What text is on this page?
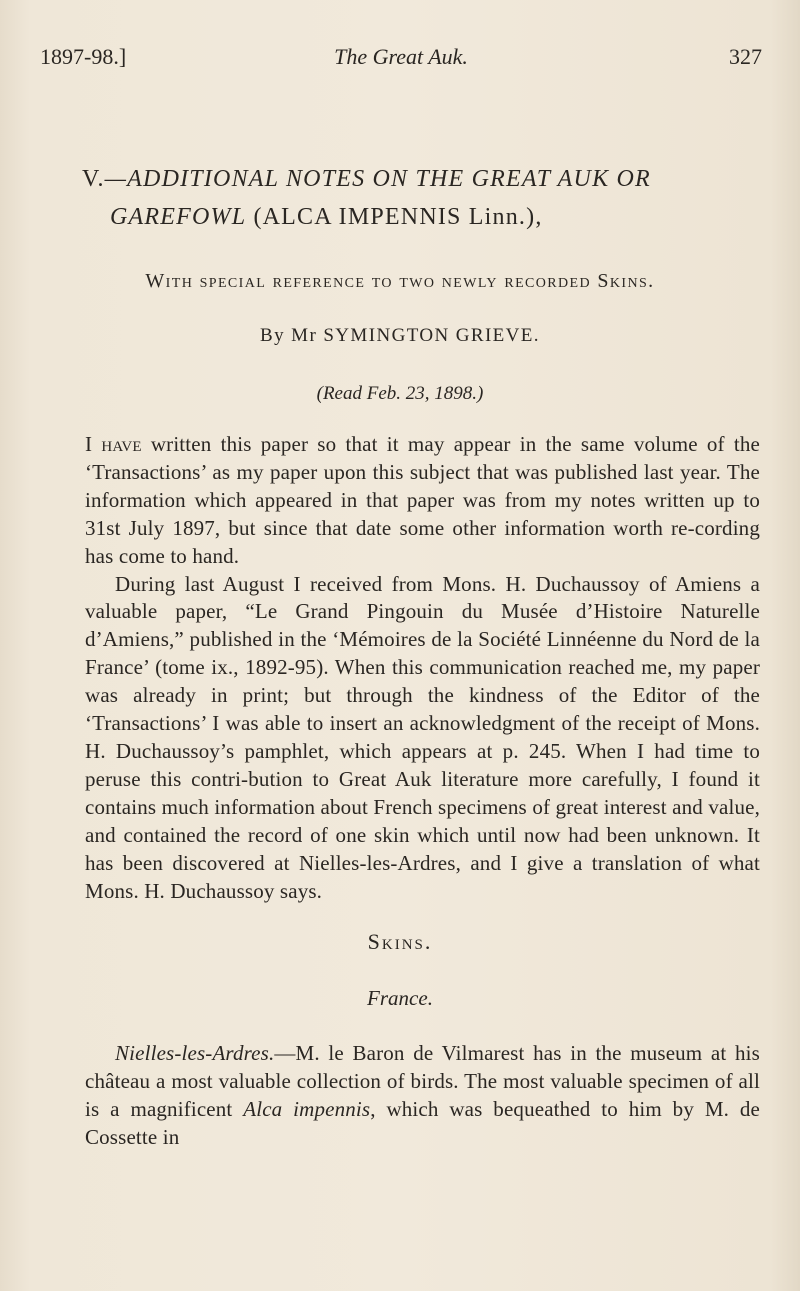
1897-98.]	The Great Auk.	327
V.—ADDITIONAL NOTES ON THE GREAT AUK OR
GAREFOWL (ALCA IMPENNIS Linn.),
With special reference to two newly recorded Skins.
By Mr SYMINGTON GRIEVE.
(Read Feb. 23, 1898.)

I have written this paper so that it may appear in the same volume of the ‘Transactions’ as my paper upon this subject that was published last year. The information which appeared in that paper was from my notes written up to 31st July 1897, but since that date some other information worth re-cording has come to hand.

During last August I received from Mons. H. Duchaussoy of Amiens a valuable paper, “Le Grand Pingouin du Musée d’Histoire Naturelle d’Amiens,” published in the ‘Mémoires de la Société Linnéenne du Nord de la France’ (tome ix., 1892-95). When this communication reached me, my paper was already in print; but through the kindness of the Editor of the ‘Transactions’ I was able to insert an acknowledgment of the receipt of Mons. H. Duchaussoy’s pamphlet, which appears at p. 245. When I had time to peruse this contri-bution to Great Auk literature more carefully, I found it contains much information about French specimens of great interest and value, and contained the record of one skin which until now had been unknown. It has been discovered at Nielles-les-Ardres, and I give a translation of what Mons. H. Duchaussoy says.

Skins.
France.

Nielles-les-Ardres.—M. le Baron de Vilmarest has in the museum at his château a most valuable collection of birds. The most valuable specimen of all is a magnificent Alca impennis, which was bequeathed to him by M. de Cossette in
